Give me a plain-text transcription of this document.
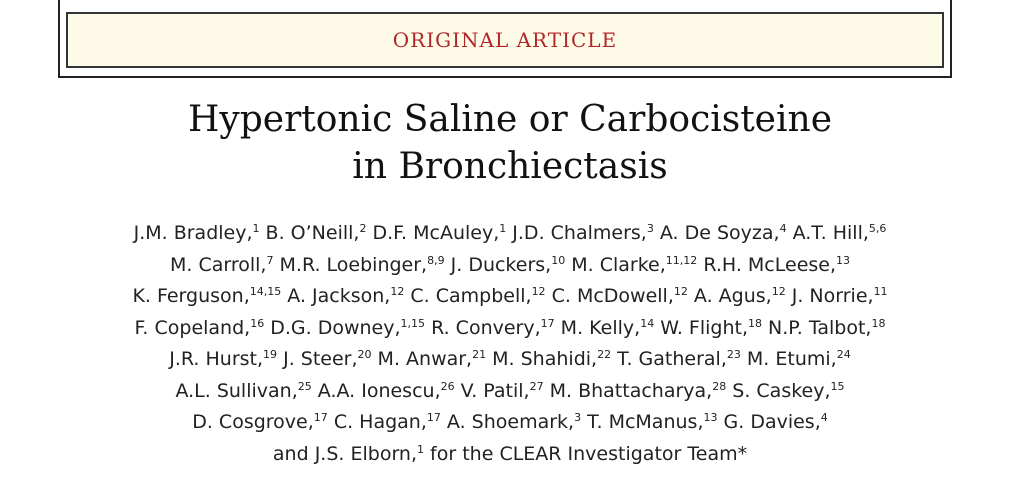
ORIGINAL ARTICLE
Hypertonic Saline or Carbocisteine
in Bronchiectasis
J.M. Bradley,$^1$ B. O’Neill,$^2$ D.F. McAuley,$^1$ J.D. Chalmers,$^3$ A. De Soyza,$^4$ A.T. Hill,$^{5,6}$
M. Carroll,$^7$ M.R. Loebinger,$^{8,9}$ J. Duckers,$^{10}$ M. Clarke,$^{11,12}$ R.H. McLeese,$^{13}$
K. Ferguson,$^{14,15}$ A. Jackson,$^{12}$ C. Campbell,$^{12}$ C. McDowell,$^{12}$ A. Agus,$^{12}$ J. Norrie,$^{11}$
F. Copeland,$^{16}$ D.G. Downey,$^{1,15}$ R. Convery,$^{17}$ M. Kelly,$^{14}$ W. Flight,$^{18}$ N.P. Talbot,$^{18}$
J.R. Hurst,$^{19}$ J. Steer,$^{20}$ M. Anwar,$^{21}$ M. Shahidi,$^{22}$ T. Gatheral,$^{23}$ M. Etumi,$^{24}$
A.L. Sullivan,$^{25}$ A.A. Ionescu,$^{26}$ V. Patil,$^{27}$ M. Bhattacharya,$^{28}$ S. Caskey,$^{15}$
D. Cosgrove,$^{17}$ C. Hagan,$^{17}$ A. Shoemark,$^3$ T. McManus,$^{13}$ G. Davies,$^4$
and J.S. Elborn,$^1$ for the CLEAR Investigator Team*
